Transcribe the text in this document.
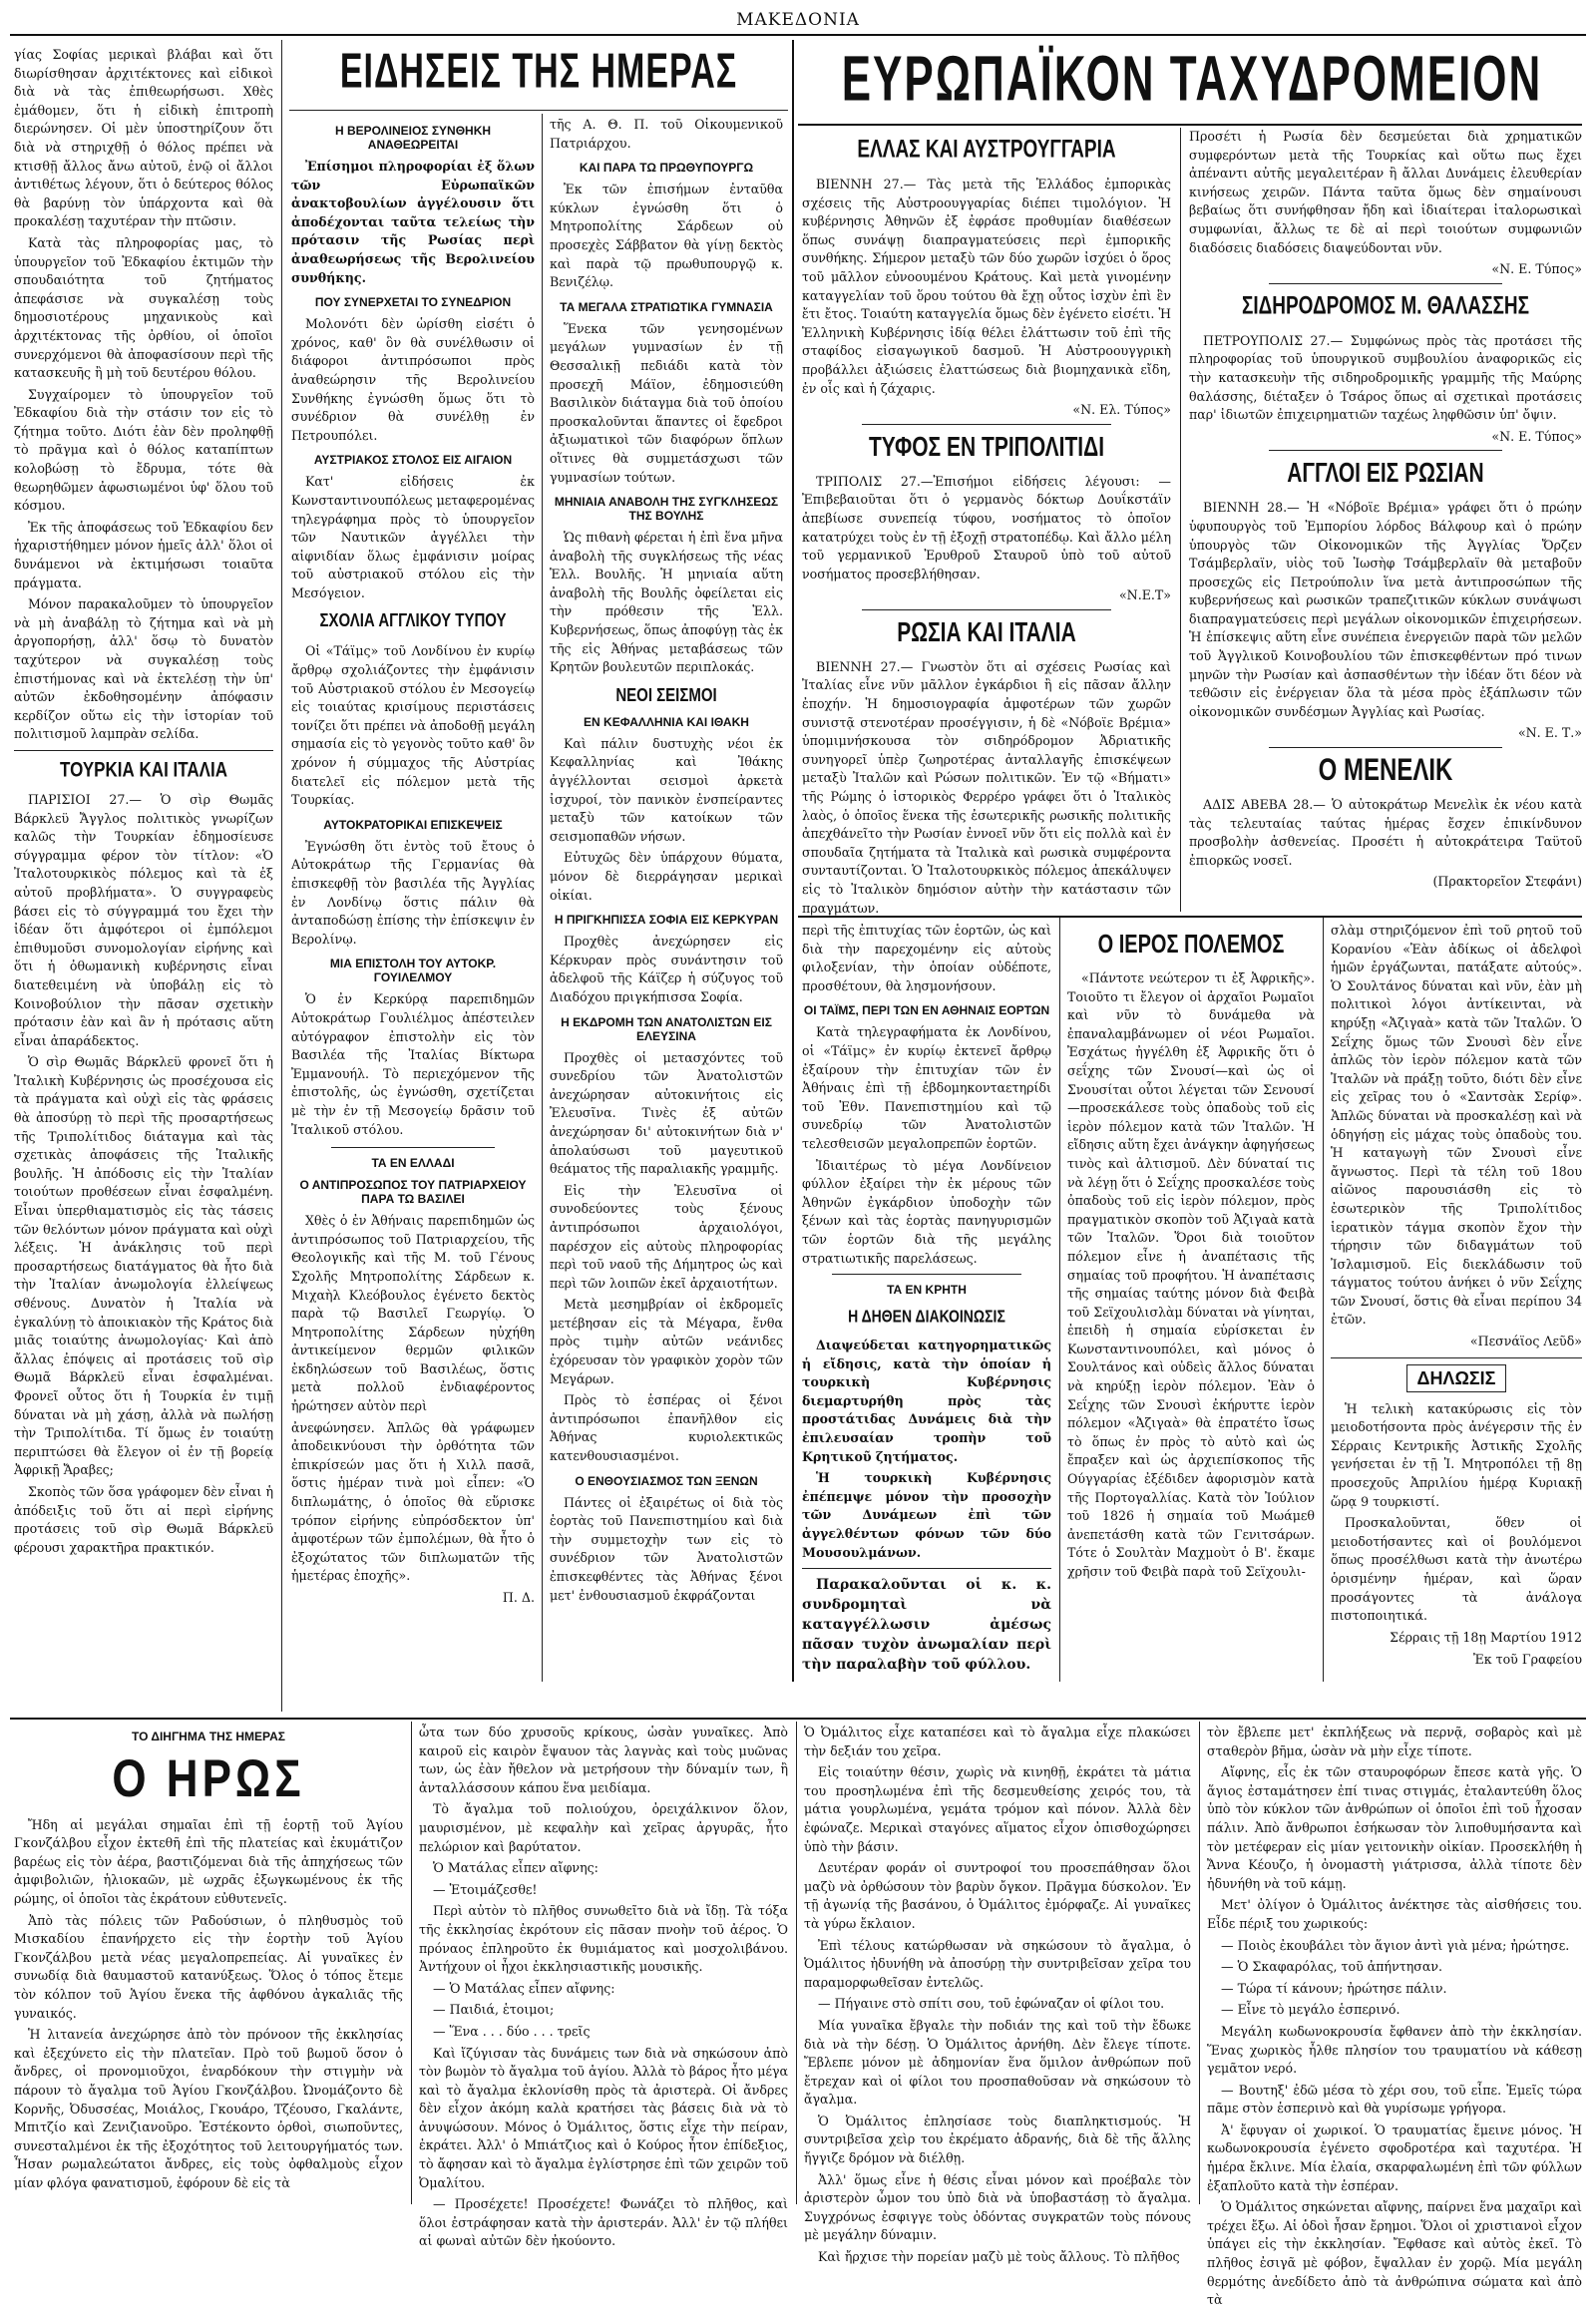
ΜΑΚΕΔΟΝΙΑ

γίας Σοφίας μερικαὶ βλάβαι καὶ ὅτι διωρίσθησαν ἀρχιτέκτονες καὶ εἰδικοὶ διὰ νὰ τὰς ἐπιθεωρήσωσι. Χθὲς ἐμάθομεν, ὅτι ἡ εἰδικὴ ἐπιτροπὴ διερώνησεν. Οἱ μὲν ὑποστηρίζουν ὅτι διὰ νὰ στηριχθῇ ὁ θόλος πρέπει νὰ κτισθῇ ἄλλος ἄνω αὐτοῦ, ἐνῷ οἱ ἄλλοι ἀντιθέτως λέγουν, ὅτι ὁ δεύτερος θόλος θὰ βαρύνῃ τὸν ὑπάρχοντα καὶ θὰ προκαλέσῃ ταχυτέραν τὴν πτῶσιν.

Κατὰ τὰς πληροφορίας μας, τὸ ὑπουργεῖον τοῦ Ἐδκαφίου ἐκτιμῶν τὴν σπουδαιότητα τοῦ ζητήματος ἀπεφάσισε νὰ συγκαλέσῃ τοὺς δημοσιοτέρους μηχανικοὺς καὶ ἀρχιτέκτονας τῆς ὀρθίου, οἱ ὁποῖοι συνερχόμενοι θὰ ἀποφασίσουν περὶ τῆς κατασκευῆς ἢ μὴ τοῦ δευτέρου θόλου.

Συγχαίρομεν τὸ ὑπουργεῖον τοῦ Ἐδκαφίου διὰ τὴν στάσιν τον εἰς τὸ ζήτημα τοῦτο. Διότι ἐὰν δὲν προληφθῇ τὸ πρᾶγμα καὶ ὁ θόλος καταπίπτων κολοβώσῃ τὸ ἔδρυμα, τότε θὰ θεωρηθῶμεν ἀφωσιωμένοι ὑφ' ὅλου τοῦ κόσμου.

Ἐκ τῆς ἀποφάσεως τοῦ Ἐδκαφίου δεν ἠχαριστήθημεν μόνον ἡμεῖς ἀλλ' ὅλοι οἱ δυνάμενοι νὰ ἐκτιμήσωσι τοιαῦτα πράγματα.

Μόνον παρακαλοῦμεν τὸ ὑπουργεῖον νὰ μὴ ἀναβάλῃ τὸ ζήτημα καὶ νὰ μὴ ἀργοπορήσῃ, ἀλλ' ὅσῳ τὸ δυνατὸν ταχύτερον νὰ συγκαλέσῃ τοὺς ἐπιστήμονας καὶ νὰ ἐκτελέσῃ τὴν ὑπ' αὐτῶν ἐκδοθησομένην ἀπόφασιν κερδίζον οὕτω εἰς τὴν ἱστορίαν τοῦ πολιτισμοῦ λαμπρὰν σελίδα.

ΤΟΥΡΚΙΑ ΚΑΙ ΙΤΑΛΙΑ

ΠΑΡΙΣΙΟΙ 27.— Ὁ σὶρ Θωμᾶς Βάρκλεϋ Ἄγγλος πολιτικὸς γνωρίζων καλῶς τὴν Τουρκίαν ἐδημοσίευσε σύγγραμμα φέρον τὸν τίτλον: «Ὁ Ἰταλοτουρκικὸς πόλεμος καὶ τὰ ἐξ αὐτοῦ προβλήματα». Ὁ συγγραφεὺς βάσει εἰς τὸ σύγγραμμά του ἔχει τὴν ἰδέαν ὅτι ἀμφότεροι οἱ ἐμπόλεμοι ἐπιθυμοῦσι συνομολογίαν εἰρήνης καὶ ὅτι ἡ ὀθωμανικὴ κυβέρνησις εἶναι διατεθειμένη νὰ ὑποβάλῃ εἰς τὸ Κοινοβούλιον τὴν πᾶσαν σχετικὴν πρότασιν ἐὰν καὶ ἂν ἡ πρότασις αὕτη εἶναι ἀπαράδεκτος.

Ὁ σὶρ Θωμᾶς Βάρκλεϋ φρονεῖ ὅτι ἡ Ἰταλικὴ Κυβέρνησις ὡς προσέχουσα εἰς τὰ πράγματα καὶ οὐχὶ εἰς τὰς φράσεις θὰ ἀποσύρῃ τὸ περὶ τῆς προσαρτήσεως τῆς Τριπολίτιδος διάταγμα καὶ τὰς σχετικὰς ἀποφάσεις τῆς Ἰταλικῆς βουλῆς. Ἡ ἀπόδοσις εἰς τὴν Ἰταλίαν τοιούτων προθέσεων εἶναι ἐσφαλμένη. Εἶναι ὑπερθιαματισμὸς εἰς τὰς τάσεις τῶν θελόντων μόνον πράγματα καὶ οὐχὶ λέξεις. Ἡ ἀνάκλησις τοῦ περὶ προσαρτήσεως διατάγματος θὰ ἦτο διὰ τὴν Ἰταλίαν ἀνωμολογία ἐλλείψεως σθένους. Δυνατὸν ἡ Ἰταλία νὰ ἐγκαλύνῃ τὸ ἀποικιακὸν τῆς Κράτος διὰ μιᾶς τοιαύτης ἀνωμολογίας· Καὶ ἀπὸ ἄλλας ἐπόψεις αἱ προτάσεις τοῦ σὶρ Θωμᾶ Βάρκλεϋ εἶναι ἐσφαλμέναι. Φρονεῖ οὗτος ὅτι ἡ Τουρκία ἐν τιμῇ δύναται νὰ μὴ χάσῃ, ἀλλὰ νὰ πωλήσῃ τὴν Τριπολίτιδα. Τί ὅμως ἐν τοιαύτῃ περιπτώσει θὰ ἔλεγον οἱ ἐν τῇ βορείᾳ Ἀφρικῇ Ἄραβες;

Σκοπὸς τῶν ὅσα γράφομεν δὲν εἶναι ἡ ἀπόδειξις τοῦ ὅτι αἱ περὶ εἰρήνης προτάσεις τοῦ σὶρ Θωμᾶ Βάρκλεϋ φέρουσι χαρακτῆρα πρακτικόν.

ΕΙΔΗΣΕΙΣ ΤΗΣ ΗΜΕΡΑΣ
Η ΒΕΡΟΛΙΝΕΙΟΣ ΣΥΝΘΗΚΗ ΑΝΑΘΕΩΡΕΙΤΑΙ

Ἐπίσημοι πληροφορίαι ἐξ ὅλων τῶν Εὐρωπαϊκῶν ἀνακτοβουλίων ἀγγέλουσιν ὅτι ἀποδέχονται ταῦτα τελείως τὴν πρότασιν τῆς Ρωσίας περὶ ἀναθεωρήσεως τῆς Βερολινείου συνθήκης.

ΠΟΥ ΣΥΝΕΡΧΕΤΑΙ ΤΟ ΣΥΝΕΔΡΙΟΝ

Μολονότι δὲν ὡρίσθη εἰσέτι ὁ χρόνος, καθ' ὃν θὰ συνέλθωσιν οἱ διάφοροι ἀντιπρόσωποι πρὸς ἀναθεώρησιν τῆς Βερολινείου Συνθήκης ἐγνώσθη ὅμως ὅτι τὸ συνέδριον θὰ συνέλθῃ ἐν Πετρουπόλει.

ΑΥΣΤΡΙΑΚΟΣ ΣΤΟΛΟΣ ΕΙΣ ΑΙΓΑΙΟΝ

Κατ' εἰδήσεις ἐκ Κωνσταντινουπόλεως μεταφερομένας τηλεγράφημα πρὸς τὸ ὑπουργεῖον τῶν Ναυτικῶν ἀγγέλλει τὴν αἰφνιδίαν ὅλως ἐμφάνισιν μοίρας τοῦ αὐστριακοῦ στόλου εἰς τὴν Μεσόγειον.

ΣΧΟΛΙΑ ΑΓΓΛΙΚΟΥ ΤΥΠΟΥ

Οἱ «Τάϊμς» τοῦ Λονδίνου ἐν κυρίῳ ἄρθρῳ σχολιάζοντες τὴν ἐμφάνισιν τοῦ Αὐστριακοῦ στόλου ἐν Μεσογείῳ εἰς τοιαύτας κρισίμους περιστάσεις τονίζει ὅτι πρέπει νὰ ἀποδοθῇ μεγάλη σημασία εἰς τὸ γεγονὸς τοῦτο καθ' ὃν χρόνον ἡ σύμμαχος τῆς Αὐστρίας διατελεῖ εἰς πόλεμον μετὰ τῆς Τουρκίας.

ΑΥΤΟΚΡΑΤΟΡΙΚΑΙ ΕΠΙΣΚΕΨΕΙΣ

Ἐγνώσθη ὅτι ἐντὸς τοῦ ἔτους ὁ Αὐτοκράτωρ τῆς Γερμανίας θὰ ἐπισκεφθῇ τὸν βασιλέα τῆς Ἀγγλίας ἐν Λονδίνῳ ὅστις πάλιν θὰ ἀνταποδώσῃ ἐπίσης τὴν ἐπίσκεψιν ἐν Βερολίνῳ.

ΜΙΑ ΕΠΙΣΤΟΛΗ ΤΟΥ ΑΥΤΟΚΡ. ΓΟΥΙΛΕΛΜΟΥ

Ὁ ἐν Κερκύρᾳ παρεπιδημῶν Αὐτοκράτωρ Γουλιέλμος ἀπέστειλεν αὐτόγραφον ἐπιστολὴν εἰς τὸν Βασιλέα τῆς Ἰταλίας Βίκτωρα Ἐμμανουήλ. Τὸ περιεχόμενον τῆς ἐπιστολῆς, ὡς ἐγνώσθη, σχετίζεται μὲ τὴν ἐν τῇ Μεσογείῳ δρᾶσιν τοῦ Ἰταλικοῦ στόλου.

ΤΑ ΕΝ ΕΛΛΑΔΙ
Ο ΑΝΤΙΠΡΟΣΩΠΟΣ ΤΟΥ ΠΑΤΡΙΑΡΧΕΙΟΥ ΠΑΡΑ ΤΩ ΒΑΣΙΛΕΙ

Χθὲς ὁ ἐν Ἀθήναις παρεπιδημῶν ὡς ἀντιπρόσωπος τοῦ Πατριαρχείου, τῆς Θεολογικῆς καὶ τῆς Μ. τοῦ Γένους Σχολῆς Μητροπολίτης Σάρδεων κ. Μιχαὴλ Κλεόβουλος ἐγένετο δεκτὸς παρὰ τῷ Βασιλεῖ Γεωργίῳ. Ὁ Μητροπολίτης Σάρδεων ηὐχήθη ἀντικείμενον θερμῶν φιλικῶν ἐκδηλώσεων τοῦ Βασιλέως, ὅστις μετὰ πολλοῦ ἐνδιαφέροντος ἠρώτησεν αὐτὸν περὶ

ἀνεφώνησεν. Ἀπλῶς θὰ γράφωμεν ἀποδεικνύουσι τὴν ὀρθότητα τῶν ἐπικρίσεών μας ὅτι ἡ Χιλλ πασᾶ, ὅστις ἡμέραν τινὰ μοὶ εἶπεν: «Ὁ διπλωμάτης, ὁ ὁποῖος θὰ εὕρισκε τρόπον εἰρήνης εὐπρόσδεκτον ὑπ' ἀμφοτέρων τῶν ἐμπολέμων, θὰ ἦτο ὁ ἐξοχώτατος τῶν διπλωματῶν τῆς ἡμετέρας ἐποχῆς».

Π. Δ.

τῆς Α. Θ. Π. τοῦ Οἰκουμενικοῦ Πατριάρχου.

ΚΑΙ ΠΑΡΑ ΤΩ ΠΡΩΘΥΠΟΥΡΓΩ

Ἐκ τῶν ἐπισήμων ἐνταῦθα κύκλων ἐγνώσθη ὅτι ὁ Μητροπολίτης Σάρδεων οὐ προσεχὲς Σάββατον θὰ γίνῃ δεκτὸς καὶ παρὰ τῷ πρωθυπουργῷ κ. Βενιζέλῳ.

ΤΑ ΜΕΓΑΛΑ ΣΤΡΑΤΙΩΤΙΚΑ ΓΥΜΝΑΣΙΑ

Ἕνεκα τῶν γενησομένων μεγάλων γυμνασίων ἐν τῇ Θεσσαλικῇ πεδιάδι κατὰ τὸν προσεχῆ Μάϊον, ἐδημοσιεύθη Βασιλικὸν διάταγμα διὰ τοῦ ὁποίου προσκαλοῦνται ἅπαντες οἱ ἔφεδροι ἀξιωματικοὶ τῶν διαφόρων ὅπλων οἵτινες θὰ συμμετάσχωσι τῶν γυμνασίων τούτων.

ΜΗΝΙΑΙΑ ΑΝΑΒΟΛΗ ΤΗΣ ΣΥΓΚΛΗΣΕΩΣ ΤΗΣ ΒΟΥΛΗΣ

Ὡς πιθανὴ φέρεται ἡ ἐπὶ ἕνα μῆνα ἀναβολὴ τῆς συγκλήσεως τῆς νέας Ἑλλ. Βουλῆς. Ἡ μηνιαία αὕτη ἀναβολὴ τῆς Βουλῆς ὀφείλεται εἰς τὴν πρόθεσιν τῆς Ἑλλ. Κυβερνήσεως, ὅπως ἀποφύγῃ τὰς ἐκ τῆς εἰς Ἀθήνας μεταβάσεως τῶν Κρητῶν βουλευτῶν περιπλοκάς.

ΝΕΟΙ ΣΕΙΣΜΟΙ
ΕΝ ΚΕΦΑΛΛΗΝΙΑ ΚΑΙ ΙΘΑΚΗ

Καὶ πάλιν δυστυχὴς νέοι ἐκ Κεφαλληνίας καὶ Ἰθάκης ἀγγέλλονται σεισμοὶ ἀρκετὰ ἰσχυροί, τὸν πανικὸν ἐνσπείραντες μεταξὺ τῶν κατοίκων τῶν σεισμοπαθῶν νήσων.

Εὐτυχῶς δὲν ὑπάρχουν θύματα, μόνον δὲ διερράγησαν μερικαὶ οἰκίαι.

Η ΠΡΙΓΚΗΠΙΣΣΑ ΣΟΦΙΑ ΕΙΣ ΚΕΡΚΥΡΑΝ

Προχθὲς ἀνεχώρησεν εἰς Κέρκυραν πρὸς συνάντησιν τοῦ ἀδελφοῦ τῆς Κάϊζερ ἡ σύζυγος τοῦ Διαδόχου πριγκήπισσα Σοφία.

Η ΕΚΔΡΟΜΗ ΤΩΝ ΑΝΑΤΟΛΙΣΤΩΝ ΕΙΣ ΕΛΕΥΣΙΝΑ

Προχθὲς οἱ μετασχόντες τοῦ συνεδρίου τῶν Ἀνατολιστῶν ἀνεχώρησαν αὐτοκινήτοις εἰς Ἐλευσῖνα. Τινὲς ἐξ αὐτῶν ἀνεχώρησαν δι' αὐτοκινήτων διὰ ν' ἀπολαύσωσι τοῦ μαγευτικοῦ θεάματος τῆς παραλιακῆς γραμμῆς.

Εἰς τὴν Ἐλευσῖνα οἱ συνοδεύοντες τοὺς ξένους ἀντιπρόσωποι ἀρχαιολόγοι, παρέσχον εἰς αὐτοὺς πληροφορίας περὶ τοῦ ναοῦ τῆς Δήμητρος ὡς καὶ περὶ τῶν λοιπῶν ἐκεῖ ἀρχαιοτήτων.

Μετὰ μεσημβρίαν οἱ ἐκδρομεῖς μετέβησαν εἰς τὰ Μέγαρα, ἔνθα πρὸς τιμὴν αὐτῶν νεάνιδες ἐχόρευσαν τὸν γραφικὸν χορὸν τῶν Μεγάρων.

Πρὸς τὸ ἑσπέρας οἱ ξένοι ἀντιπρόσωποι ἐπανῆλθον εἰς Ἀθήνας κυριολεκτικῶς κατενθουσιασμένοι.

Ο ΕΝΘΟΥΣΙΑΣΜΟΣ ΤΩΝ ΞΕΝΩΝ

Πάντες οἱ ἐξαιρέτως οἱ διὰ τὸς ἑορτὰς τοῦ Πανεπιστημίου καὶ διὰ τὴν συμμετοχὴν των εἰς τὸ συνέδριον τῶν Ἀνατολιστῶν ἐπισκεφθέντες τὰς Ἀθήνας ξένοι μετ' ἐνθουσιασμοῦ ἐκφράζονται

ΕΥΡΩΠΑΪΚΟΝ ΤΑΧΥΔΡΟΜΕΙΟΝ
ΕΛΛΑΣ ΚΑΙ ΑΥΣΤΡΟΥΓΓΑΡΙΑ

ΒΙΕΝΝΗ 27.— Τὰς μετὰ τῆς Ἑλλάδος ἐμπορικὰς σχέσεις τῆς Αὐστροουγγαρίας διέπει τιμολόγιον. Ἡ κυβέρνησις Ἀθηνῶν ἐξ ἐφράσε προθυμίαν διαθέσεων ὅπως συνάψῃ διαπραγματεύσεις περὶ ἐμπορικῆς συνθήκης. Σήμερον μεταξὺ τῶν δύο χωρῶν ἰσχύει ὁ ὅρος τοῦ μᾶλλον εὐνοουμένου Κράτους. Καὶ μετὰ γινομένην καταγγελίαν τοῦ ὅρου τούτου θὰ ἔχῃ οὗτος ἰσχὺν ἐπὶ ἓν ἔτι ἔτος. Τοιαύτη καταγγελία ὅμως δὲν ἐγένετο εἰσέτι. Ἡ Ἑλληνικὴ Κυβέρνησις ἰδίᾳ θέλει ἐλάττωσιν τοῦ ἐπὶ τῆς σταφίδος εἰσαγωγικοῦ δασμοῦ. Ἡ Αὐστροουγγρικὴ προβάλλει ἀξιώσεις ἐλαττώσεως διὰ βιομηχανικὰ εἴδη, ἐν οἷς καὶ ἡ ζάχαρις.

«Ν. Ελ. Τύπος»
ΤΥΦΟΣ ΕΝ ΤΡΙΠΟΛΙΤΙΔΙ

ΤΡΙΠΟΛΙΣ 27.—Ἐπισήμοι εἰδήσεις λέγουσι: —Ἐπιβεβαιοῦται ὅτι ὁ γερμανὸς δόκτωρ Δουΐκστάϊν ἀπεβίωσε συνεπείᾳ τύφου, νοσήματος τὸ ὁποῖον κατατρύχει τοὺς ἐν τῇ ἐξοχῇ στρατοπέδῳ. Καὶ ἄλλο μέλη τοῦ γερμανικοῦ Ἐρυθροῦ Σταυροῦ ὑπὸ τοῦ αὐτοῦ νοσήματος προσεβλήθησαν.

«Ν.Ε.Τ»
ΡΩΣΙΑ ΚΑΙ ΙΤΑΛΙΑ

ΒΙΕΝΝΗ 27.— Γνωστὸν ὅτι αἱ σχέσεις Ρωσίας καὶ Ἰταλίας εἶνε νῦν μᾶλλον ἐγκάρδιοι ἢ εἰς πᾶσαν ἄλλην ἐποχήν. Ἡ δημοσιογραφία ἀμφοτέρων τῶν χωρῶν συνιστᾷ στενοτέραν προσέγγισιν, ἡ δὲ «Νόβοϊε Βρέμια» ὑπομιμνήσκουσα τὸν σιδηρόδρομον Ἀδριατικῆς συνηγορεῖ ὑπὲρ ζωηροτέρας ἀνταλλαγῆς ἐπισκέψεων μεταξὺ Ἰταλῶν καὶ Ρώσων πολιτικῶν. Ἐν τῷ «Βήματι» τῆς Ρώμης ὁ ἱστορικὸς Φερρέρο γράφει ὅτι ὁ Ἰταλικὸς λαὸς, ὁ ὁποῖος ἕνεκα τῆς ἐσωτερικῆς ρωσικῆς πολιτικῆς ἀπεχθάνεῖτο τὴν Ρωσίαν ἐννοεῖ νῦν ὅτι εἰς πολλὰ καὶ ἐν σπουδαῖα ζητήματα τὰ Ἰταλικὰ καὶ ρωσικὰ συμφέροντα συνταυτίζονται. Ὁ Ἰταλοτουρκικὸς πόλεμος ἀπεκάλυψεν εἰς τὸ Ἰταλικὸν δημόσιον αὐτὴν τὴν κατάστασιν τῶν πραγμάτων.

Προσέτι ἡ Ρωσία δὲν δεσμεύεται διὰ χρηματικῶν συμφερόντων μετὰ τῆς Τουρκίας καὶ οὕτω πως ἔχει ἀπέναντι αὐτῆς μεγαλειτέραν ἢ ἄλλαι Δυνάμεις ἐλευθερίαν κινήσεως χειρῶν. Πάντα ταῦτα ὅμως δὲν σημαίνουσι βεβαίως ὅτι συνήφθησαν ἤδη καὶ ἰδιαίτεραι ἰταλορωσικαὶ συμφωνίαι, ἄλλως τε δὲ αἱ περὶ τοιούτων συμφωνιῶν διαδόσεις διαδόσεις διαψεύδονται νῦν.

«Ν. Ε. Τύπος»
ΣΙΔΗΡΟΔΡΟΜΟΣ Μ. ΘΑΛΑΣΣΗΣ

ΠΕΤΡΟΥΠΟΛΙΣ 27.— Συμφώνως πρὸς τὰς προτάσει τῆς πληροφορίας τοῦ ὑπουργικοῦ συμβουλίου ἀναφορικῶς εἰς τὴν κατασκευὴν τῆς σιδηροδρομικῆς γραμμῆς τῆς Μαύρης θαλάσσης, διέταξεν ὁ Τσάρος ὅπως αἱ σχετικαὶ προτάσεις παρ' ἰδιωτῶν ἐπιχειρηματιῶν ταχέως ληφθῶσιν ὑπ' ὄψιν.

«Ν. Ε. Τύπος»
ΑΓΓΛΟΙ ΕΙΣ ΡΩΣΙΑΝ

ΒΙΕΝΝΗ 28.— Ἡ «Νόβοϊε Βρέμια» γράφει ὅτι ὁ πρώην ὑφυπουργὸς τοῦ Ἐμπορίου λόρδος Βάλφουρ καὶ ὁ πρώην ὑπουργὸς τῶν Οἰκονομικῶν τῆς Ἀγγλίας Ὄρζεν Τσάμβερλαϊν, υἱὸς τοῦ Ἰωσὴφ Τσάμβερλαϊν θὰ μεταβοῦν προσεχῶς εἰς Πετρούπολιν ἵνα μετὰ ἀντιπροσώπων τῆς κυβερνήσεως καὶ ρωσικῶν τραπεζιτικῶν κύκλων συνάψωσι διαπραγματεύσεις περὶ μεγάλων οἰκονομικῶν ἐπιχειρήσεων. Ἡ ἐπίσκεψις αὕτη εἶνε συνέπεια ἐνεργειῶν παρὰ τῶν μελῶν τοῦ Ἀγγλικοῦ Κοινοβουλίου τῶν ἐπισκεφθέντων πρό τινων μηνῶν τὴν Ρωσίαν καὶ ἀσπασθέντων τὴν ἰδέαν ὅτι δέον νὰ τεθῶσιν εἰς ἐνέργειαν ὅλα τὰ μέσα πρὸς ἐξάπλωσιν τῶν οἰκονομικῶν συνδέσμων Ἀγγλίας καὶ Ρωσίας.

«Ν. Ε. Τ.»
Ο ΜΕΝΕΛΙΚ

ΑΔΙΣ ΑΒΕΒΑ 28.— Ὁ αὐτοκράτωρ Μενελὶκ ἐκ νέου κατὰ τὰς τελευταίας ταύτας ἡμέρας ἔσχεν ἐπικίνδυνον προσβολὴν ἀσθενείας. Προσέτι ἡ αὐτοκράτειρα Ταϋτοῦ ἐπιορκῶς νοσεῖ.

(Πρακτορεῖον Στεφάνι)

περὶ τῆς ἐπιτυχίας τῶν ἑορτῶν, ὡς καὶ διὰ τὴν παρεχομένην εἰς αὐτοὺς φιλοξενίαν, τὴν ὁποίαν οὐδέποτε, προσθέτουν, θὰ λησμονήσουν.

ΟΙ ΤΑΪΜΣ, ΠΕΡΙ ΤΩΝ ΕΝ ΑΘΗΝΑΙΣ ΕΟΡΤΩΝ

Κατὰ τηλεγραφήματα ἐκ Λονδίνου, οἱ «Τάϊμς» ἐν κυρίῳ ἐκτενεῖ ἄρθρῳ ἐξαίρουν τὴν ἐπιτυχίαν τῶν ἐν Ἀθήναις ἐπὶ τῇ ἑβδομηκονταετηρίδι τοῦ Ἐθν. Πανεπιστημίου καὶ τῷ συνεδρίῳ τῶν Ἀνατολιστῶν τελεσθεισῶν μεγαλοπρεπῶν ἑορτῶν.

Ἰδιαιτέρως τὸ μέγα Λονδίνειον φύλλον ἐξαίρει τὴν ἐκ μέρους τῶν Ἀθηνῶν ἐγκάρδιον ὑποδοχὴν τῶν ξένων καὶ τὰς ἑορτὰς πανηγυρισμῶν τῶν ἑορτῶν διὰ τῆς μεγάλης στρατιωτικῆς παρελάσεως.

ΤΑ ΕΝ ΚΡΗΤΗ
Η ΔΗΘΕΝ ΔΙΑΚΟΙΝΩΣΙΣ

Διαψεύδεται κατηγορηματικῶς ἡ εἴδησις, κατὰ τὴν ὁποίαν ἡ τουρκικὴ Κυβέρνησις διεμαρτυρήθη πρὸς τὰς προστάτιδας Δυνάμεις διὰ τὴν ἐπιλευσαίαν τροπὴν τοῦ Κρητικοῦ ζητήματος.

Ἡ τουρκικὴ Κυβέρνησις ἐπέπεμψε μόνον τὴν προσοχὴν τῶν Δυνάμεων ἐπὶ τῶν ἀγγελθέντων φόνων τῶν δύο Μουσουλμάνων.

Παρακαλοῦνται οἱ κ. κ. συνδρομηταὶ νὰ καταγγέλλωσιν ἀμέσως πᾶσαν τυχὸν ἀνωμαλίαν περὶ τὴν παραλαβὴν τοῦ φύλλου.

Ο ΙΕΡΟΣ ΠΟΛΕΜΟΣ

«Πάντοτε νεώτερον τι ἐξ Ἀφρικῆς». Τοιοῦτο τι ἔλεγον οἱ ἀρχαῖοι Ρωμαῖοι καὶ νῦν τὸ δυνάμεθα νὰ ἐπαναλαμβάνωμεν οἱ νέοι Ρωμαῖοι. Ἐσχάτως ἠγγέλθη ἐξ Ἀφρικῆς ὅτι ὁ σεΐχης τῶν Σνουσί—καὶ ὡς οἱ Σνουσίται οὗτοι λέγεται τῶν Σενουσί—προσεκάλεσε τοὺς ὀπαδοὺς τοῦ εἰς ἱερὸν πόλεμον κατὰ τῶν Ἰταλῶν. Ἡ εἴδησις αὕτη ἔχει ἀνάγκην ἀφηγήσεως τινὸς καὶ ἀλτισμοῦ. Δὲν δύναταί τις νὰ λέγῃ ὅτι ὁ Σεΐχης προσκαλέσε τοὺς ὀπαδοὺς τοῦ εἰς ἱερὸν πόλεμον, πρὸς πραγματικὸν σκοπὸν τοῦ Ἀζιγαὰ κατὰ τῶν Ἰταλῶν. Ὅροι διὰ τοιοῦτον πόλεμον εἶνε ἡ ἀναπέτασις τῆς σημαίας τοῦ προφήτου. Ἡ ἀναπέτασις τῆς σημαίας ταύτης μόνον διὰ Φειβὰ τοῦ Σεϊχουλισλὰμ δύναται νὰ γίνηται, ἐπειδὴ ἡ σημαία εὑρίσκεται ἐν Κωνσταντινουπόλει, καὶ μόνος ὁ Σουλτάνος καὶ οὐδεὶς ἄλλος δύναται νὰ κηρύξῃ ἱερὸν πόλεμον. Ἐὰν ὁ Σεΐχης τῶν Σνουσὶ ἐκήρυττε ἱερὸν πόλεμον «Ἀζιγαὰ» θὰ ἐπρατέτο ἴσως τὸ ὅπως ἐν πρὸς τὸ αὐτὸ καὶ ὡς ἔπραξεν καὶ ὡς ἀρχιεπίσκοπος τῆς Ούγγαρίας ἐξέδιδεν ἀφορισμὸν κατὰ τῆς Πορτογαλλίας. Κατὰ τὸν Ἰούλιον τοῦ 1826 ἡ σημαία τοῦ Μωάμεθ ἀνεπετάσθη κατὰ τῶν Γενιτσάρων. Τότε ὁ Σουλτὰν Μαχμοὺτ ὁ Β'. ἔκαμε χρῆσιν τοῦ Φειβὰ παρὰ τοῦ Σεϊχουλι-

σλὰμ στηριζόμενον ἐπὶ τοῦ ρητοῦ τοῦ Κορανίου «Ἐὰν ἀδίκως οἱ ἀδελφοὶ ἡμῶν ἐργάζωνται, πατάξατε αὐτούς». Ὁ Σουλτάνος δύναται καὶ νῦν, ἐὰν μὴ πολιτικοὶ λόγοι ἀντίκεινται, νὰ κηρύξῃ «Ἀζιγαὰ» κατὰ τῶν Ἰταλῶν. Ὁ Σεΐχης ὅμως τῶν Σνουσὶ δὲν εἶνε ἀπλῶς τὸν ἱερὸν πόλεμον κατὰ τῶν Ἰταλῶν νὰ πράξῃ τοῦτο, διότι δὲν εἶνε εἰς χεῖρας του ὁ «Σαντσὰκ Σερίφ». Ἁπλῶς δύναται νὰ προσκαλέσῃ καὶ νὰ ὁδηγήσῃ εἰς μάχας τοὺς ὀπαδοὺς του. Ἡ καταγωγὴ τῶν Σνουσὶ εἶνε ἄγνωστος. Περὶ τὰ τέλη τοῦ 18ου αἰῶνος παρουσιάσθη εἰς τὸ ἐσωτερικὸν τῆς Τριπολίτιδος ἱερατικὸν τάγμα σκοπὸν ἔχον τὴν τήρησιν τῶν διδαγμάτων τοῦ Ἰσλαμισμοῦ. Εἰς διεκλάδωσιν τοῦ τάγματος τούτου ἀνήκει ὁ νῦν Σεΐχης τῶν Σνουσί, ὅστις θὰ εἶναι περίπου 34 ἐτῶν.

«Πεσνάϊος Λεῦδ»
ΔΗΛΩΣΙΣ

Ἡ τελικὴ κατακύρωσις εἰς τὸν μειοδοτήσοντα πρὸς ἀνέγερσιν τῆς ἐν Σέρραις Κεντρικῆς Ἀστικῆς Σχολῆς γενήσεται ἐν τῇ Ἱ. Μητροπόλει τῇ 8ῃ προσεχοῦς Ἀπριλίου ἡμέρᾳ Κυριακῇ ὥρᾳ 9 τουρκιστί.

Προσκαλοῦνται, ὅθεν οἱ μειοδοτήσαντες καὶ οἱ βουλόμενοι ὅπως προσέλθωσι κατὰ τὴν ἀνωτέρω ὁρισμένην ἡμέραν, καὶ ὥραν προσάγοντες τὰ ἀνάλογα πιστοποιητικά.

Σέρραις τῇ 18ῃ Μαρτίου 1912
Ἐκ τοῦ Γραφείου
ΤΟ ΔΙΗΓΗΜΑ ΤΗΣ ΗΜΕΡΑΣ
Ο ΗΡΩΣ

Ἤδη αἱ μεγάλαι σημαῖαι ἐπὶ τῇ ἑορτῇ τοῦ Ἁγίου Γκονζάλβου εἶχον ἐκτεθῆ ἐπὶ τῆς πλατείας καὶ ἐκυμάτιζον βαρέως εἰς τὸν ἀέρα, βαστιζόμεναι διὰ τῆς ἀπηχήσεως τῶν ἀμφιβολιῶν, ἡλιοκαῶν, μὲ ωχρᾶς ἐξωγκωμένους ἐκ τῆς ρώμης, οἱ ὁποῖοι τὰς ἐκράτουν εὐθυτενεῖς.

Ἀπὸ τὰς πόλεις τῶν Ραδούσιων, ὁ πληθυσμὸς τοῦ Μισκαδίου ἐπανήρχετο εἰς τὴν ἑορτὴν τοῦ Ἁγίου Γκονζάλβου μετὰ νέας μεγαλοπρεπείας. Αἱ γυναῖκες ἐν συνωδίᾳ διὰ θαυμαστοῦ κατανύξεως. Ὅλος ὁ τόπος ἔτεμε τὸν κόλπον τοῦ Ἁγίου ἕνεκα τῆς ἀφθόνου ἀγκαλιᾶς τῆς γυναικός.

Ἡ λιτανεία ἀνεχώρησε ἀπὸ τὸν πρόνοον τῆς ἐκκλησίας καὶ ἐξεχύνετο εἰς τὴν πλατεῖαν. Πρὸ τοῦ βωμοῦ ὅσον ὁ ἄνδρες, οἱ προνομιοῦχοι, ἐναρδόκουν τὴν στιγμὴν νὰ πάρουν τὸ ἄγαλμα τοῦ Ἁγίου Γκονζάλβου. Ὠνομάζοντο δὲ Κορνῆς, Ὀδυσσέας, Μοιάλος, Γκουάρο, Τζέουσο, Γκαλάντε, Μπιτζίο καὶ Ζενιζιανοῦρο. Ἐστέκοντο ὀρθοὶ, σιωποῦντες, συνεσταλμένοι ἐκ τῆς ἐξοχότητος τοῦ λειτουργήματός των. Ἦσαν ρωμαλεώτατοι ἄνδρες, εἰς τοὺς ὀφθαλμοὺς εἶχον μίαν φλόγα φανατισμοῦ, ἐφόρουν δὲ εἰς τὰ

ὦτα των δύο χρυσοῦς κρίκους, ὡσὰν γυναῖκες. Ἀπὸ καιροῦ εἰς καιρὸν ἔψαυον τὰς λαγνὰς καὶ τοὺς μυῶνας των, ὡς ἐὰν ἤθελον νὰ μετρήσουν τὴν δύναμίν των, ἢ ἀνταλλάσσουν κάπου ἕνα μειδίαμα.

Τὸ ἄγαλμα τοῦ πολιούχου, ὀρειχάλκινον ὅλον, μαυρισμένον, μὲ κεφαλὴν καὶ χεῖρας ἀργυρᾶς, ἦτο πελώριον καὶ βαρύτατον.

Ὁ Ματάλας εἶπεν αἴφνης:

— Ἑτοιμάζεσθε!

Περὶ αὐτὸν τὸ πλῆθος συνωθεῖτο διὰ νὰ ἴδῃ. Τὰ τόξα τῆς ἐκκλησίας ἐκρότουν εἰς πᾶσαν πνοὴν τοῦ ἀέρος. Ὁ πρόναος ἐπληροῦτο ἐκ θυμιάματος καὶ μοσχολιβάνου. Ἀντήχουν οἱ ἦχοι ἐκκλησιαστικῆς μουσικῆς.

— Ὁ Ματάλας εἶπεν αἴφνης:

— Παιδιά, ἑτοιμοι;

— Ἕνα . . . δύο . . . τρεῖς

Καὶ ἴζύγισαν τὰς δυνάμεις των διὰ νὰ σηκώσουν ἀπὸ τὸν βωμὸν τὸ ἄγαλμα τοῦ ἁγίου. Ἀλλὰ τὸ βάρος ἦτο μέγα καὶ τὸ ἄγαλμα ἐκλονίσθη πρὸς τὰ ἀριστερὰ. Οἱ ἄνδρες δὲν εἶχον ἀκόμη καλὰ κρατήσει τὰς βάσεις διὰ νὰ τὸ ἀνυψώσουν. Μόνος ὁ Ὀμάλιτος, ὅστις εἶχε τὴν πείραν, ἐκράτει. Ἀλλ' ὁ Μπιάτζιος καὶ ὁ Κούρος ἦτον ἐπίδεξιος, τὸ ἄφησαν καὶ τὸ ἄγαλμα ἐγλίστρησε ἐπὶ τῶν χειρῶν τοῦ Ὀμαλίτου.

— Προσέχετε! Προσέχετε! Φωνάζει τὸ πλῆθος, καὶ ὅλοι ἐστράφησαν κατὰ τὴν ἀριστεράν. Ἀλλ' ἐν τῷ πλήθει αἱ φωναὶ αὐτῶν δὲν ἠκούοντο.

Ὁ Ὀμάλιτος εἶχε καταπέσει καὶ τὸ ἄγαλμα εἶχε πλακώσει τὴν δεξιάν του χεῖρα.

Εἰς τοιαύτην θέσιν, χωρὶς νὰ κινηθῇ, ἐκράτει τὰ μάτια του προσηλωμένα ἐπὶ τῆς δεσμευθείσης χειρός του, τὰ μάτια γουρλωμένα, γεμάτα τρόμον καὶ πόνον. Ἀλλὰ δὲν ἐφώναζε. Μερικαὶ σταγόνες αἵματος εἶχον ὀπισθοχώρησει ὑπὸ τὴν βάσιν.

Δευτέραν φοράν οἱ συντροφοί του προσεπάθησαν ὅλοι μαζὺ νὰ ὀρθώσουν τὸν βαρὺν ὄγκον. Πρᾶγμα δύσκολον. Ἐν τῇ ἀγωνίᾳ τῆς βασάνου, ὁ Ὀμάλιτος ἐμόρφαζε. Αἱ γυναῖκες τὰ γύρω ἔκλαιον.

Ἐπὶ τέλους κατώρθωσαν νὰ σηκώσουν τὸ ἄγαλμα, ὁ Ὀμάλιτος ἠδυνήθη νὰ ἀποσύρῃ τὴν συντριβεῖσαν χεῖρα του παραμορφωθεῖσαν ἐντελῶς.

— Πήγαινε στὸ σπίτι σου, τοῦ ἐφώναζαν οἱ φίλοι του.

Μία γυναῖκα ἔβγαλε τὴν ποδιάν της καὶ τοῦ τὴν ἔδωκε διὰ νὰ τὴν δέσῃ. Ὁ Ὀμάλιτος ἀρνήθη. Δὲν ἔλεγε τίποτε. Ἔβλεπε μόνον μὲ ἀδημονίαν ἕνα ὅμιλον ἀνθρώπων ποῦ ἔτρεχαν καὶ οἱ φίλοι του προσπαθοῦσαν νὰ σηκώσουν τὸ ἄγαλμα.

Ὁ Ὀμάλιτος ἐπλησίασε τοὺς διαπληκτισμούς. Ἡ συντριβεῖσα χεὶρ του ἐκρέματο ἀδρανής, διὰ δὲ τῆς ἄλλης ἤγγιζε δρόμον νὰ διέλθῃ.

Ἀλλ' ὅμως εἶνε ἡ θέσις εἶναι μόνον καὶ προέβαλε τὸν ἀριστερὸν ὦμον του ὑπὸ διὰ νὰ ὑποβαστάσῃ τὸ ἄγαλμα. Συγχρόνως ἐσφιγγε τοὺς ὀδόντας συγκρατῶν τοὺς πόνους μὲ μεγάλην δύναμιν.

Καὶ ἤρχισε τὴν πορείαν μαζὺ μὲ τοὺς ἄλλους. Τὸ πλῆθος

τὸν ἔβλεπε μετ' ἐκπλήξεως νὰ περνᾷ, σοβαρὸς καὶ μὲ σταθερὸν βῆμα, ὡσὰν νὰ μὴν εἶχε τίποτε.

Αἴφνης, εἷς ἐκ τῶν σταυροφόρων ἔπεσε κατὰ γῆς. Ὁ ἅγιος ἐσταμάτησεν ἐπί τινας στιγμάς, ἐταλαντεύθη ὅλος ὑπὸ τὸν κύκλον τῶν ἀνθρώπων οἱ ὁποῖοι ἐπὶ τοῦ ἦχοσαν πάλιν. Ἀπὸ ἄνθρωποι ἐσήκωσαν τὸν λιποθυμήσαντα καὶ τὸν μετέφεραν εἰς μίαν γειτονικὴν οἰκίαν. Προσεκλήθη ἡ Ἄννα Κέουζο, ἡ ὀνομαστὴ γιάτρισσα, ἀλλὰ τίποτε δὲν ἠδυνήθη νὰ τοῦ κάμῃ.

Μετ' ὀλίγον ὁ Ὀμάλιτος ἀνέκτησε τὰς αἰσθήσεις του. Εἶδε πέριξ του χωρικούς:

— Ποιὸς ἐκουβάλει τὸν ἅγιον ἀντὶ γιὰ μένα; ἠρώτησε.

— Ὁ Σκαφαρόλας, τοῦ ἀπήντησαν.

— Τώρα τί κάνουν; ἠρώτησε πάλιν.

— Εἶνε τὸ μεγάλο ἑσπερινό.

Μεγάλη κωδωνοκρουσία ἔφθανεν ἀπὸ τὴν ἐκκλησίαν. Ἕνας χωρικὸς ἦλθε πλησίον του τραυματίου νὰ κάθεσῃ γεμᾶτον νερό.

— Βουτηξ' ἐδῶ μέσα τὸ χέρι σου, τοῦ εἶπε. Ἐμεῖς τώρα πᾶμε στὸν ἑσπερινὸ καὶ θὰ γυρίσωμε γρήγορα.

Ἀ' ἔφυγαν οἱ χωρικοί. Ὁ τραυματίας ἔμεινε μόνος. Ἡ κωδωνοκρουσία ἐγένετο σφοδροτέρα καὶ ταχυτέρα. Ἡ ἡμέρα ἔκλινε. Μία ἐλαία, σκαρφαλωμένη ἐπὶ τῶν φύλλων ἐξαπλοῦτο κατὰ τὴν ἑσπέραν.

Ὁ Ὀμάλιτος σηκώνεται αἴφνης, παίρνει ἕνα μαχαῖρι καὶ τρέχει ἔξω. Αἱ ὁδοὶ ἦσαν ἔρημοι. Ὅλοι οἱ χριστιανοὶ εἶχον ὑπάγει εἰς τὴν ἐκκλησίαν. Ἔφθασε καὶ αὐτὸς ἐκεῖ. Τὸ πλῆθος ἐσιγᾶ μὲ φόβον, ἔψαλλαν ἐν χορῷ. Μία μεγάλη θερμότης ἀνεδίδετο ἀπὸ τὰ ἀνθρώπινα σώματα καὶ ἀπὸ τὰ
